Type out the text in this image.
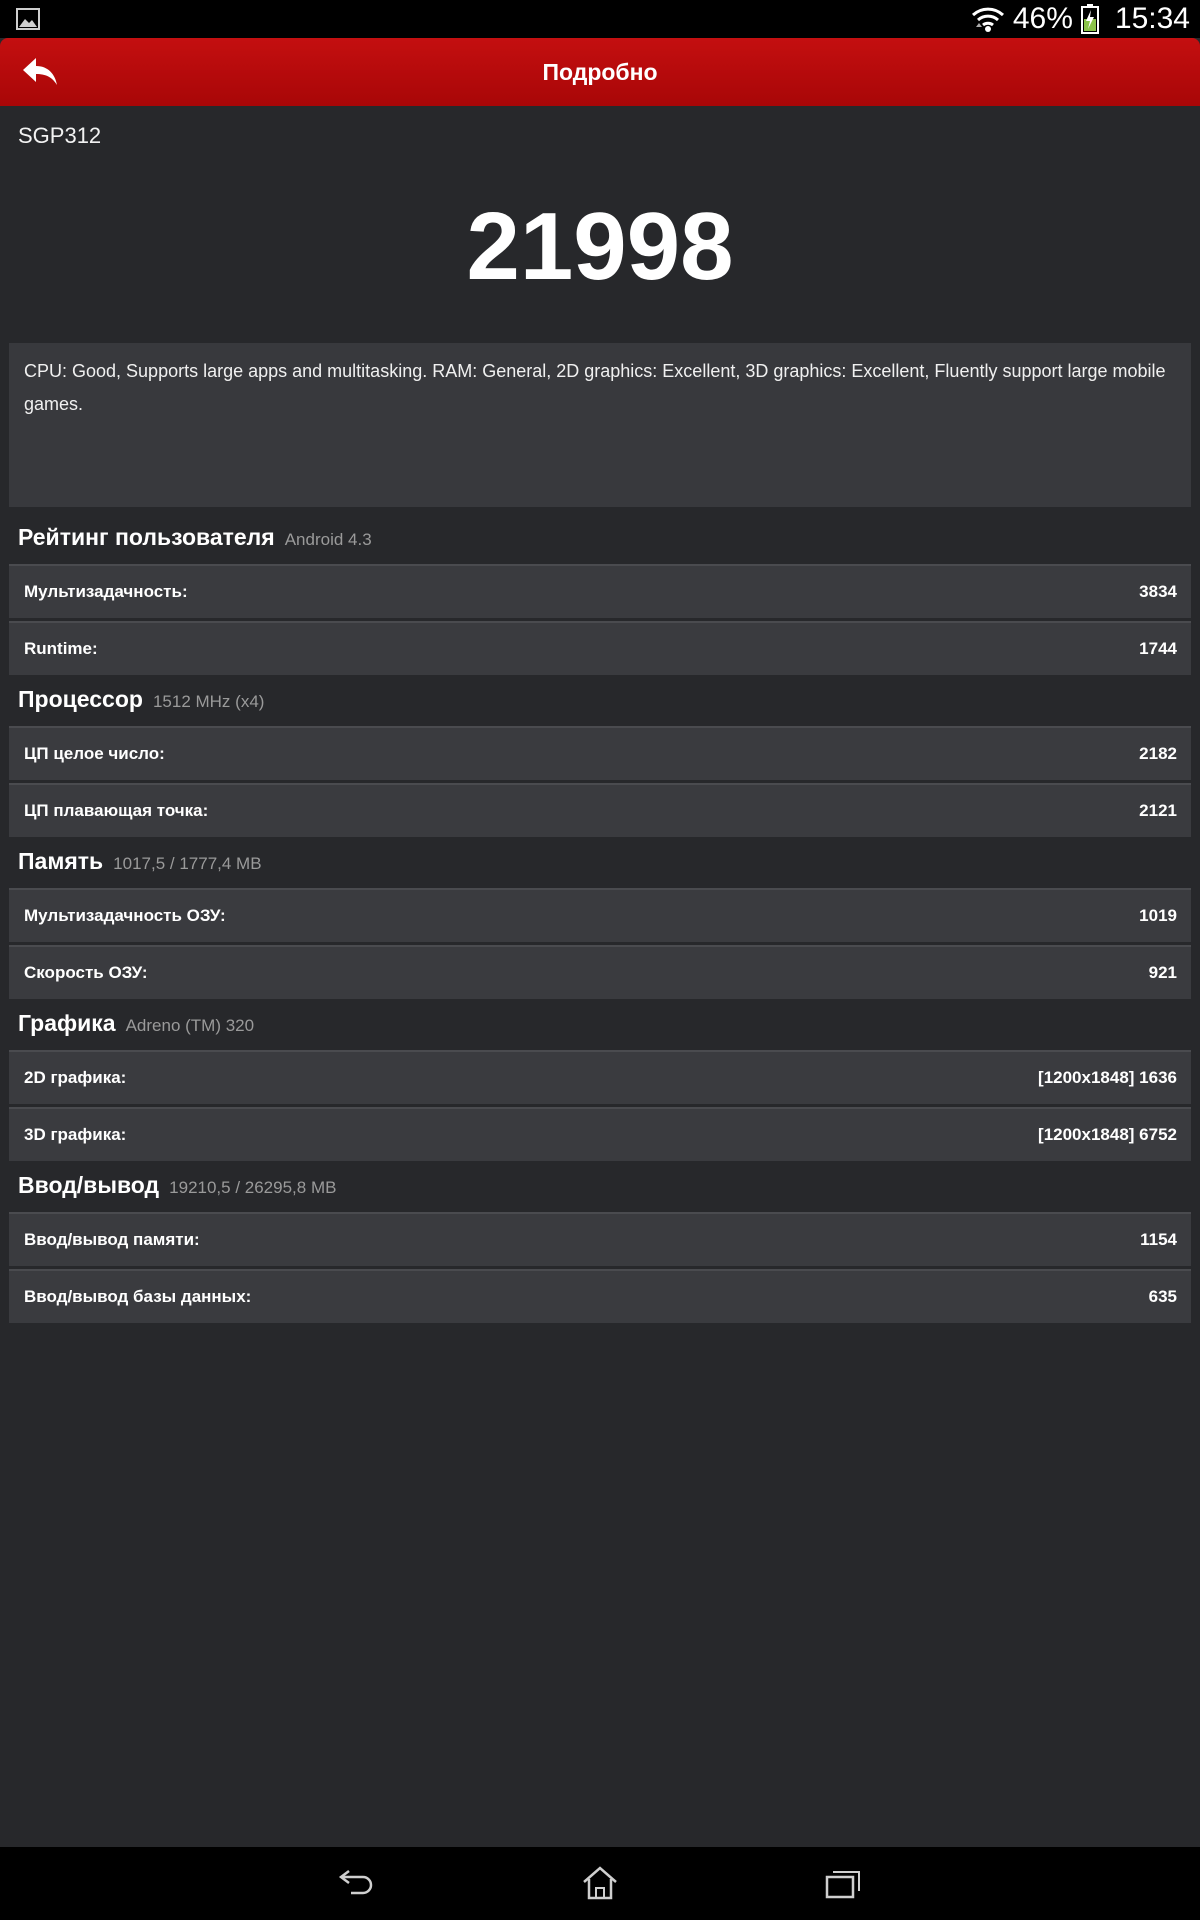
46% 15:34
Подробно
SGP312
21998
CPU: Good, Supports large apps and multitasking. RAM: General, 2D graphics: Excellent, 3D graphics: Excellent, Fluently support large mobile games.
Рейтинг пользователя Android 4.3
Мультизадачность:	3834
Runtime:	1744
Процессор 1512 MHz (x4)
ЦП целое число:	2182
ЦП плавающая точка:	2121
Память 1017,5 / 1777,4 MB
Мультизадачность ОЗУ:	1019
Скорость ОЗУ:	921
Графика Adreno (TM) 320
2D графика:	[1200x1848] 1636
3D графика:	[1200x1848] 6752
Ввод/вывод 19210,5 / 26295,8 MB
Ввод/вывод памяти:	1154
Ввод/вывод базы данных:	635
